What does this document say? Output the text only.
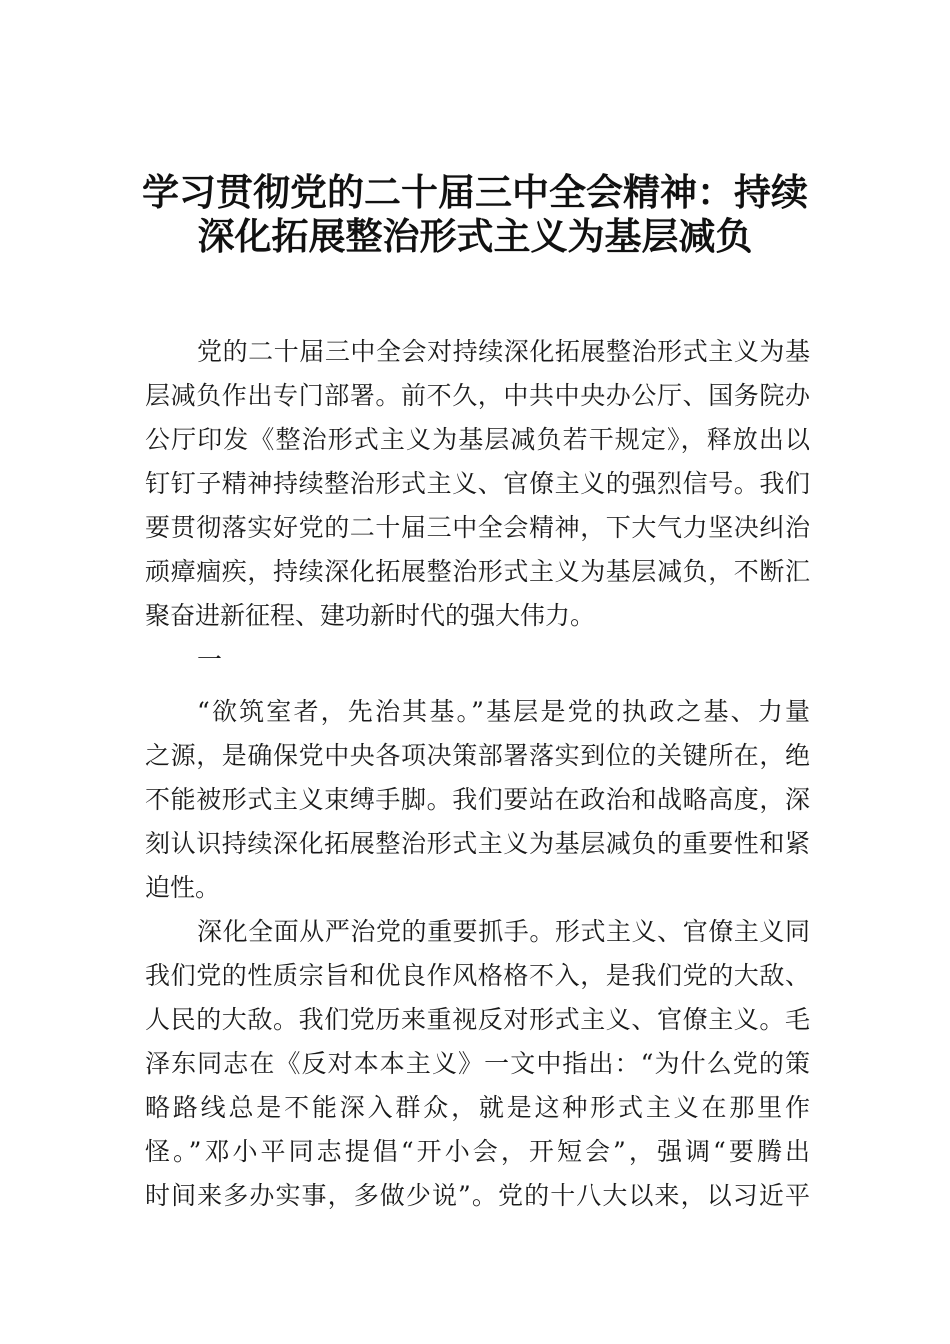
学习贯彻党的二十届三中全会精神：持续
深化拓展整治形式主义为基层减负
党的二十届三中全会对持续深化拓展整治形式主义为基
层减负作出专门部署。前不久，中共中央办公厅、国务院办
公厅印发《整治形式主义为基层减负若干规定》，释放出以
钉钉子精神持续整治形式主义、官僚主义的强烈信号。我们
要贯彻落实好党的二十届三中全会精神，下大气力坚决纠治
顽瘴痼疾，持续深化拓展整治形式主义为基层减负，不断汇
聚奋进新征程、建功新时代的强大伟力。
一
“欲筑室者，先治其基。”基层是党的执政之基、力量
之源，是确保党中央各项决策部署落实到位的关键所在，绝
不能被形式主义束缚手脚。我们要站在政治和战略高度，深
刻认识持续深化拓展整治形式主义为基层减负的重要性和紧
迫性。
深化全面从严治党的重要抓手。形式主义、官僚主义同
我们党的性质宗旨和优良作风格格不入，是我们党的大敌、
人民的大敌。我们党历来重视反对形式主义、官僚主义。毛
泽东同志在《反对本本主义》一文中指出：“为什么党的策
略路线总是不能深入群众，就是这种形式主义在那里作
怪。”邓小平同志提倡“开小会，开短会”，强调“要腾出
时间来多办实事，多做少说”。党的十八大以来，以习近平
